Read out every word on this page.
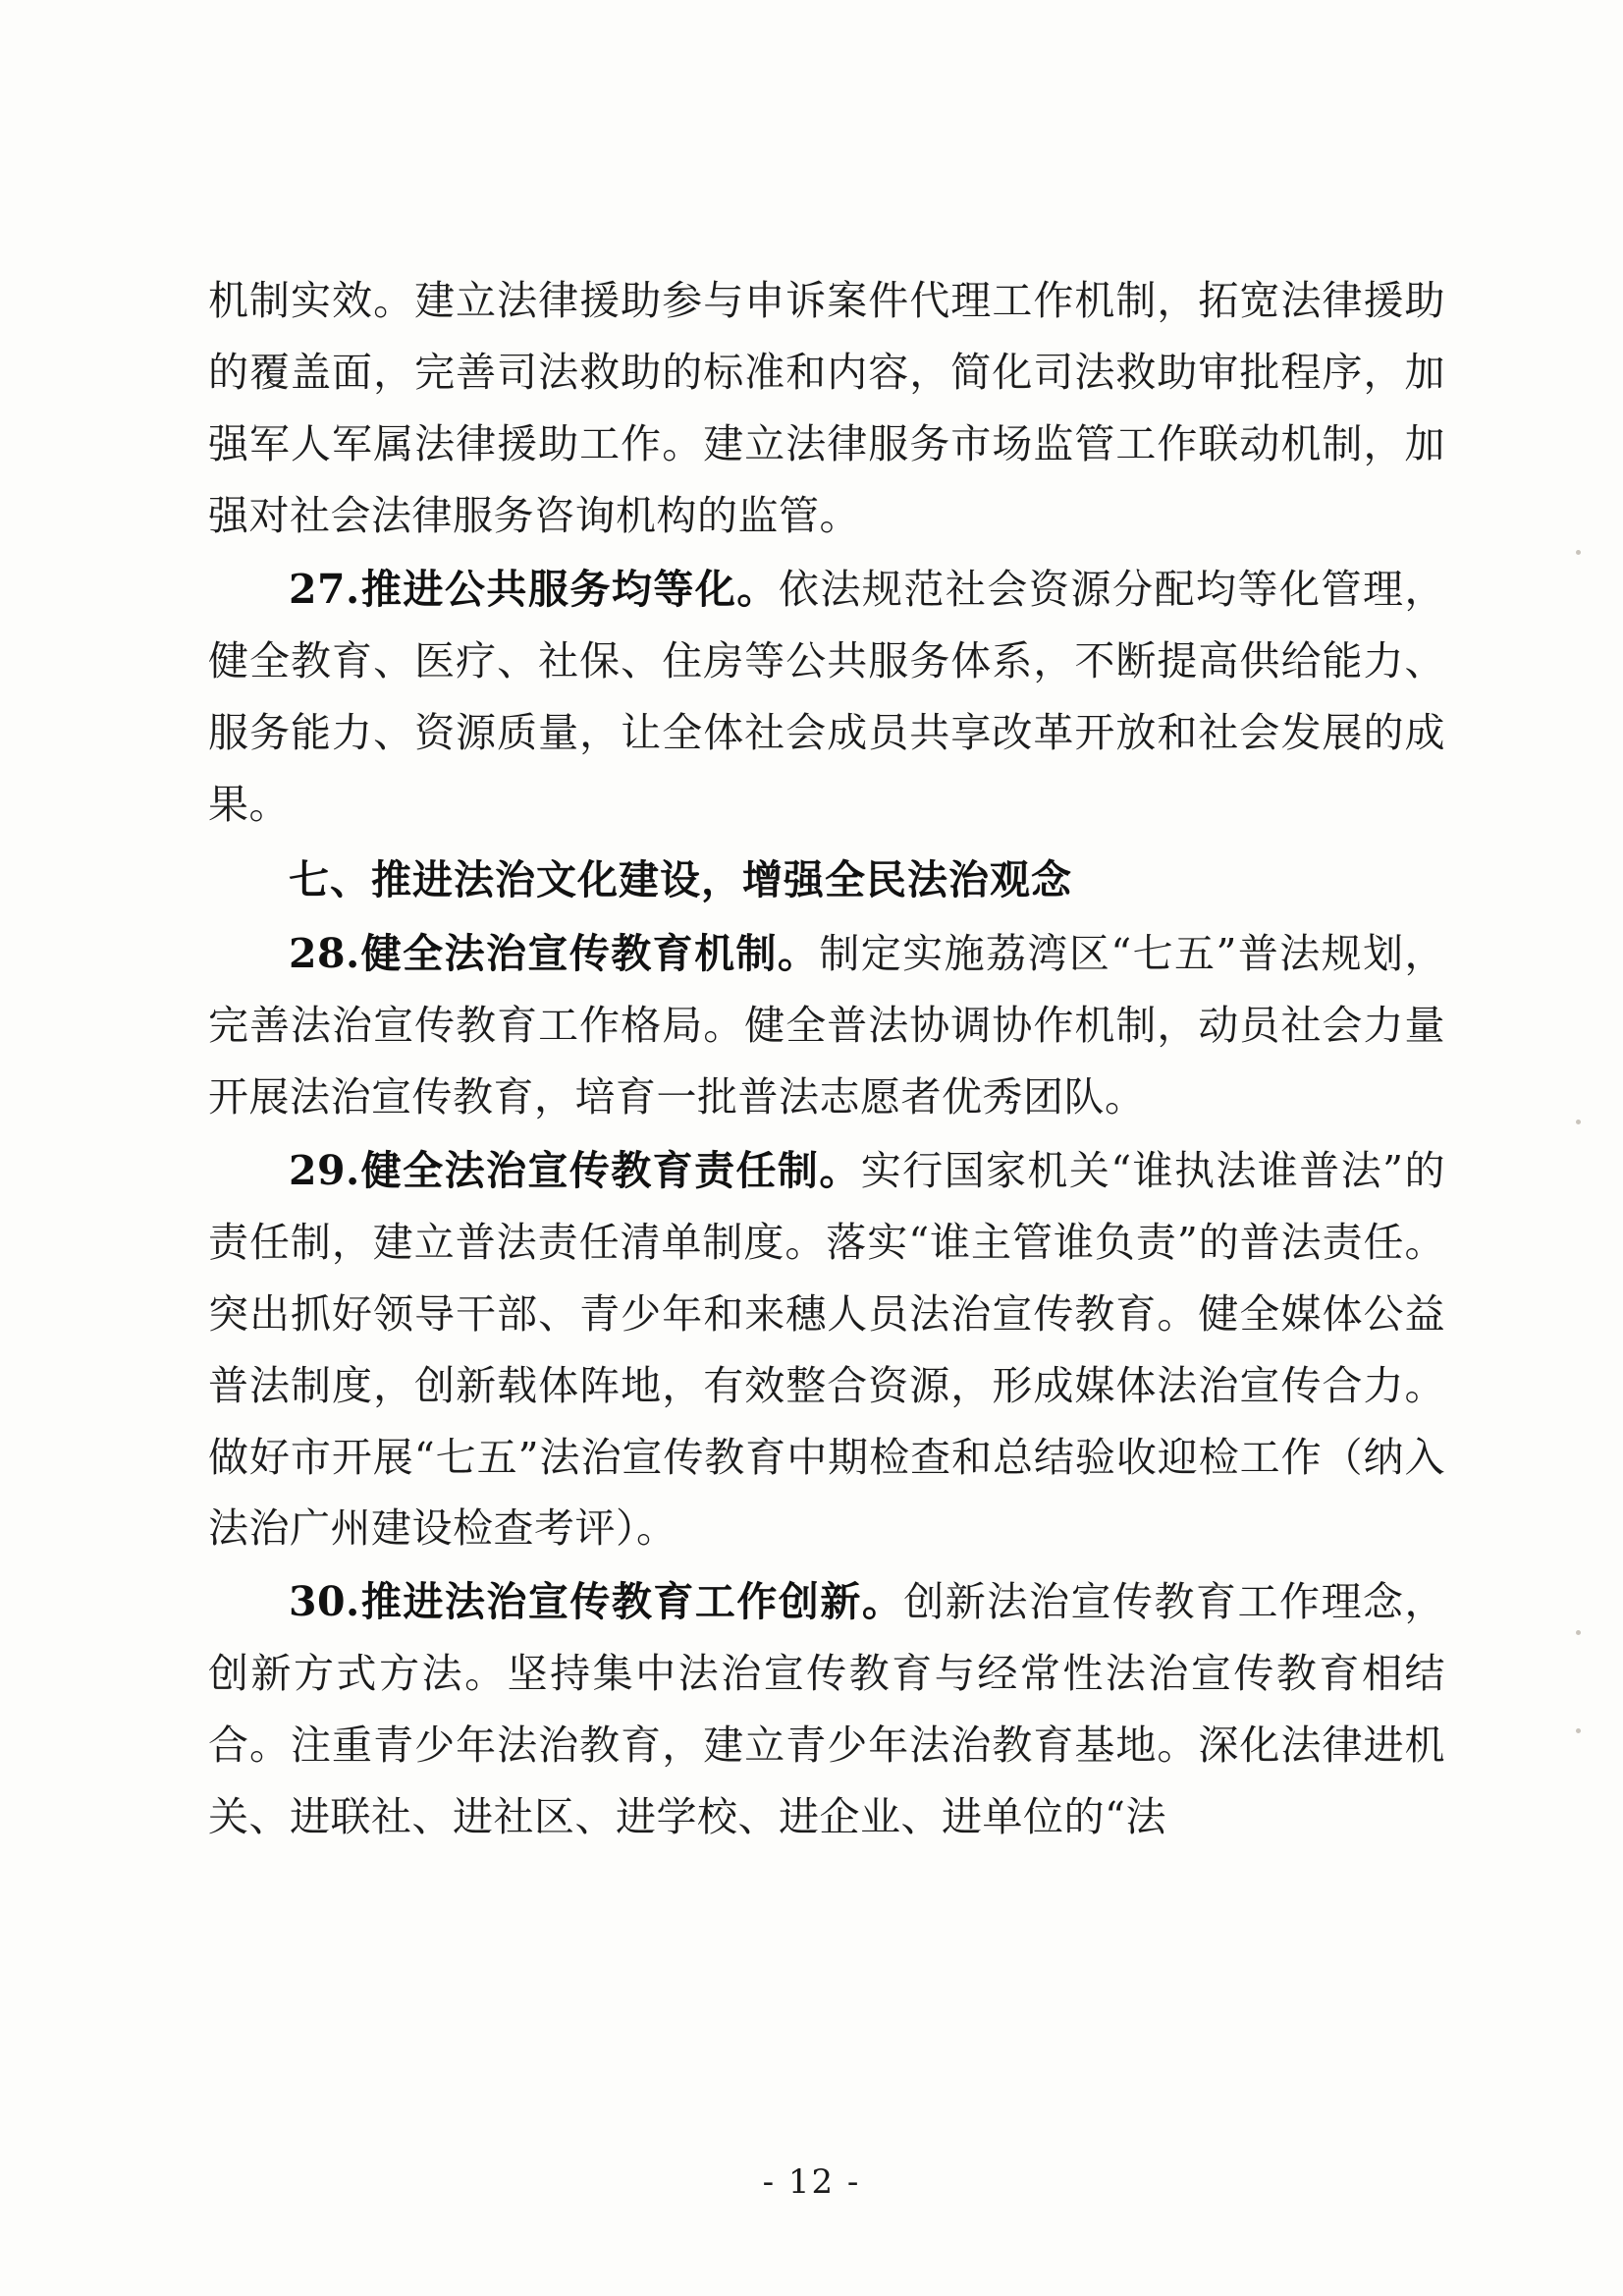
机制实效。建立法律援助参与申诉案件代理工作机制，拓宽法律援助的覆盖面，完善司法救助的标准和内容，简化司法救助审批程序，加强军人军属法律援助工作。建立法律服务市场监管工作联动机制，加强对社会法律服务咨询机构的监管。

27.推进公共服务均等化。依法规范社会资源分配均等化管理，健全教育、医疗、社保、住房等公共服务体系，不断提高供给能力、服务能力、资源质量，让全体社会成员共享改革开放和社会发展的成果。

七、推进法治文化建设，增强全民法治观念

28.健全法治宣传教育机制。制定实施荔湾区“七五”普法规划，完善法治宣传教育工作格局。健全普法协调协作机制，动员社会力量开展法治宣传教育，培育一批普法志愿者优秀团队。

29.健全法治宣传教育责任制。实行国家机关“谁执法谁普法”的责任制，建立普法责任清单制度。落实“谁主管谁负责”的普法责任。突出抓好领导干部、青少年和来穗人员法治宣传教育。健全媒体公益普法制度，创新载体阵地，有效整合资源，形成媒体法治宣传合力。做好市开展“七五”法治宣传教育中期检查和总结验收迎检工作（纳入法治广州建设检查考评）。

30.推进法治宣传教育工作创新。创新法治宣传教育工作理念，创新方式方法。坚持集中法治宣传教育与经常性法治宣传教育相结合。注重青少年法治教育，建立青少年法治教育基地。深化法律进机关、进联社、进社区、进学校、进企业、进单位的“法

- 12 -
